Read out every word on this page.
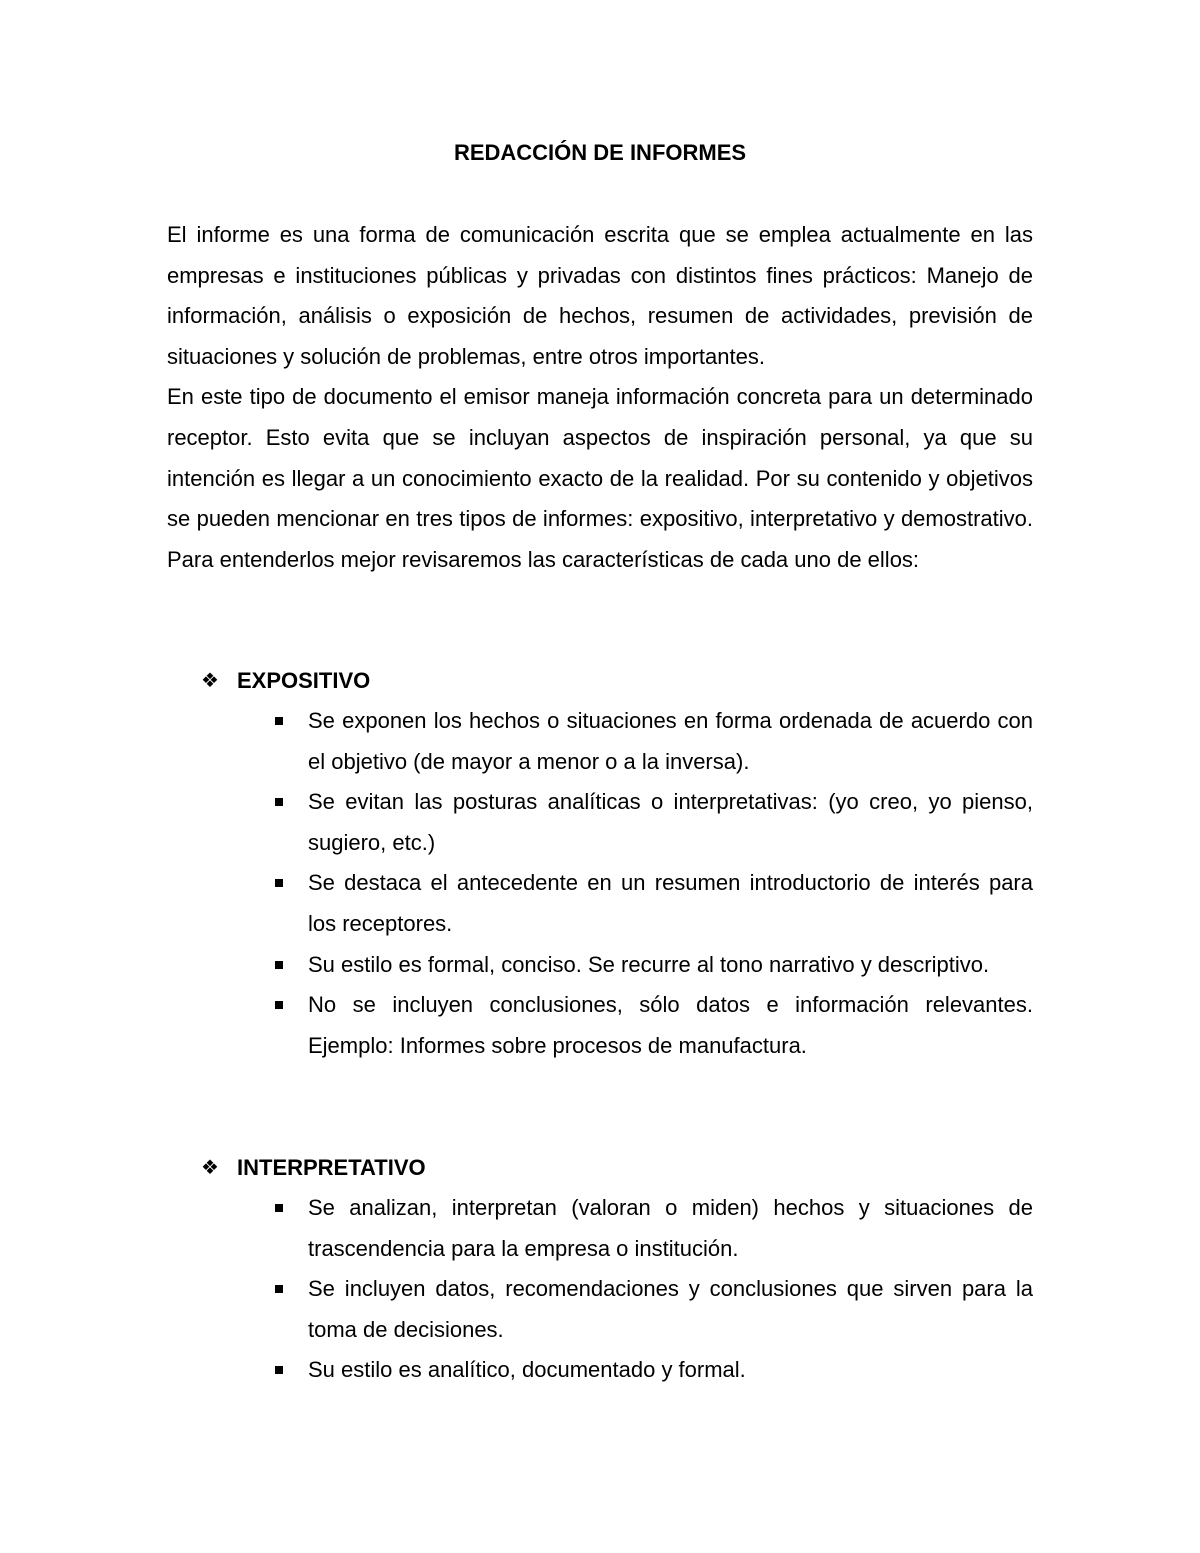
REDACCIÓN DE INFORMES

El informe es una forma de comunicación escrita que se emplea actualmente en las empresas e instituciones públicas y privadas con distintos fines prácticos: Manejo de información, análisis o exposición de hechos, resumen de actividades, previsión de situaciones y solución de problemas, entre otros importantes.

En este tipo de documento el emisor maneja información concreta para un determinado receptor. Esto evita que se incluyan aspectos de inspiración personal, ya que su intención es llegar a un conocimiento exacto de la realidad. Por su contenido y objetivos se pueden mencionar en tres tipos de informes: expositivo, interpretativo y demostrativo. Para entenderlos mejor revisaremos las características de cada uno de ellos:

❖ EXPOSITIVO
Se exponen los hechos o situaciones en forma ordenada de acuerdo con el objetivo (de mayor a menor o a la inversa).
Se evitan las posturas analíticas o interpretativas: (yo creo, yo pienso, sugiero, etc.)
Se destaca el antecedente en un resumen introductorio de interés para los receptores.
Su estilo es formal, conciso. Se recurre al tono narrativo y descriptivo.
No se incluyen conclusiones, sólo datos e información relevantes. Ejemplo: Informes sobre procesos de manufactura.
❖ INTERPRETATIVO
Se analizan, interpretan (valoran o miden) hechos y situaciones de trascendencia para la empresa o institución.
Se incluyen datos, recomendaciones y conclusiones que sirven para la toma de decisiones.
Su estilo es analítico, documentado y formal.
